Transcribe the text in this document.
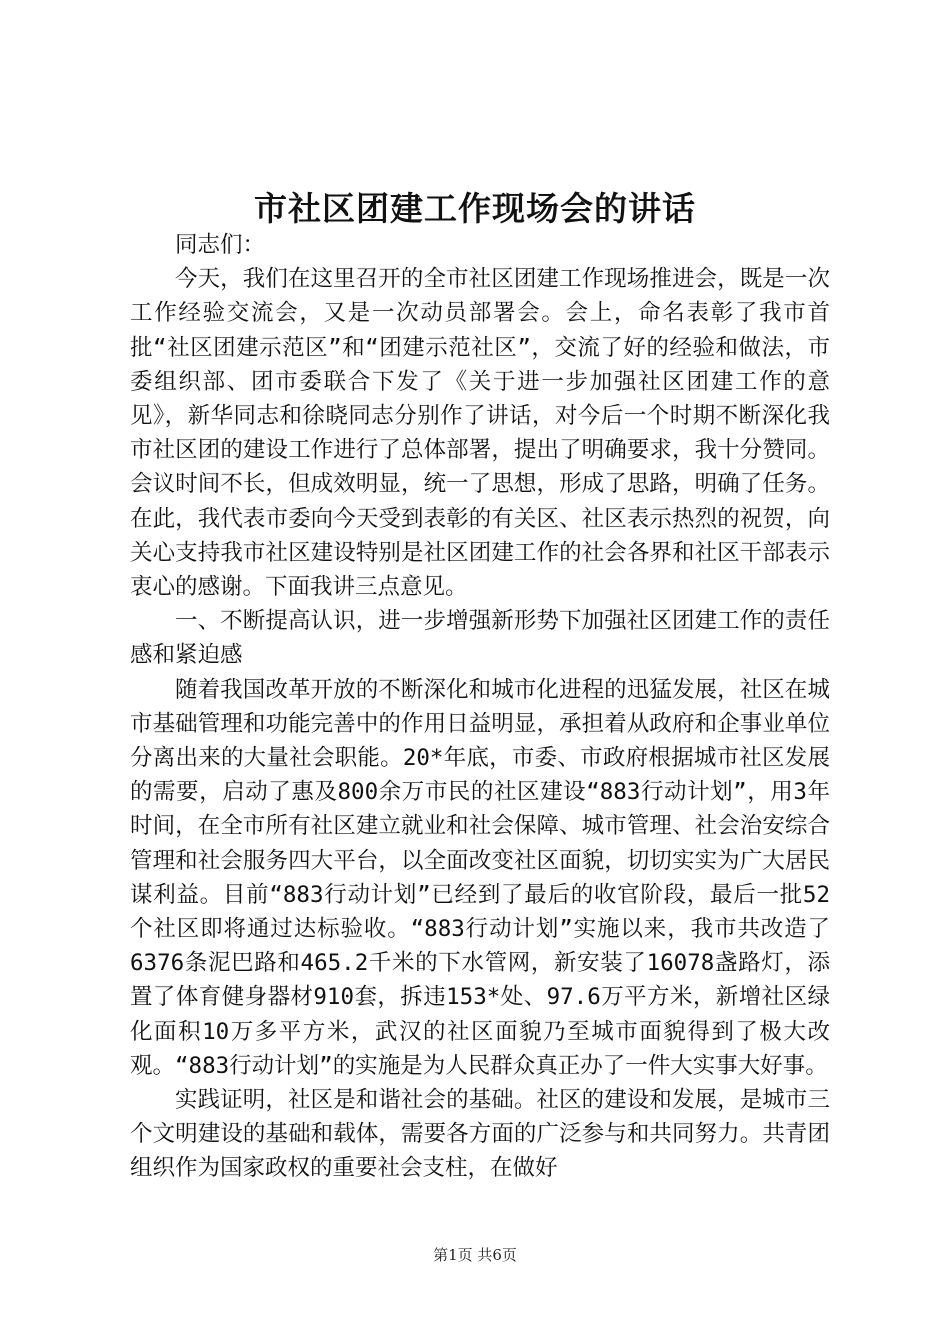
市社区团建工作现场会的讲话

同志们：

今天，我们在这里召开的全市社区团建工作现场推进会，既是一次工作经验交流会，又是一次动员部署会。会上，命名表彰了我市首批“社区团建示范区”和“团建示范社区”，交流了好的经验和做法，市委组织部、团市委联合下发了《关于进一步加强社区团建工作的意见》，新华同志和徐晓同志分别作了讲话，对今后一个时期不断深化我市社区团的建设工作进行了总体部署，提出了明确要求，我十分赞同。会议时间不长，但成效明显，统一了思想，形成了思路，明确了任务。在此，我代表市委向今天受到表彰的有关区、社区表示热烈的祝贺，向关心支持我市社区建设特别是社区团建工作的社会各界和社区干部表示衷心的感谢。下面我讲三点意见。

一、不断提高认识，进一步增强新形势下加强社区团建工作的责任感和紧迫感

随着我国改革开放的不断深化和城市化进程的迅猛发展，社区在城市基础管理和功能完善中的作用日益明显，承担着从政府和企事业单位分离出来的大量社会职能。20*年底，市委、市政府根据城市社区发展的需要，启动了惠及800余万市民的社区建设“883行动计划”，用3年时间，在全市所有社区建立就业和社会保障、城市管理、社会治安综合管理和社会服务四大平台，以全面改变社区面貌，切切实实为广大居民谋利益。目前“883行动计划”已经到了最后的收官阶段，最后一批52个社区即将通过达标验收。“883行动计划”实施以来，我市共改造了6376条泥巴路和465.2千米的下水管网，新安装了16078盏路灯，添置了体育健身器材910套，拆违153*处、97.6万平方米，新增社区绿化面积10万多平方米，武汉的社区面貌乃至城市面貌得到了极大改观。“883行动计划”的实施是为人民群众真正办了一件大实事大好事。

实践证明，社区是和谐社会的基础。社区的建设和发展，是城市三个文明建设的基础和载体，需要各方面的广泛参与和共同努力。共青团组织作为国家政权的重要社会支柱，在做好

第1页 共6页
